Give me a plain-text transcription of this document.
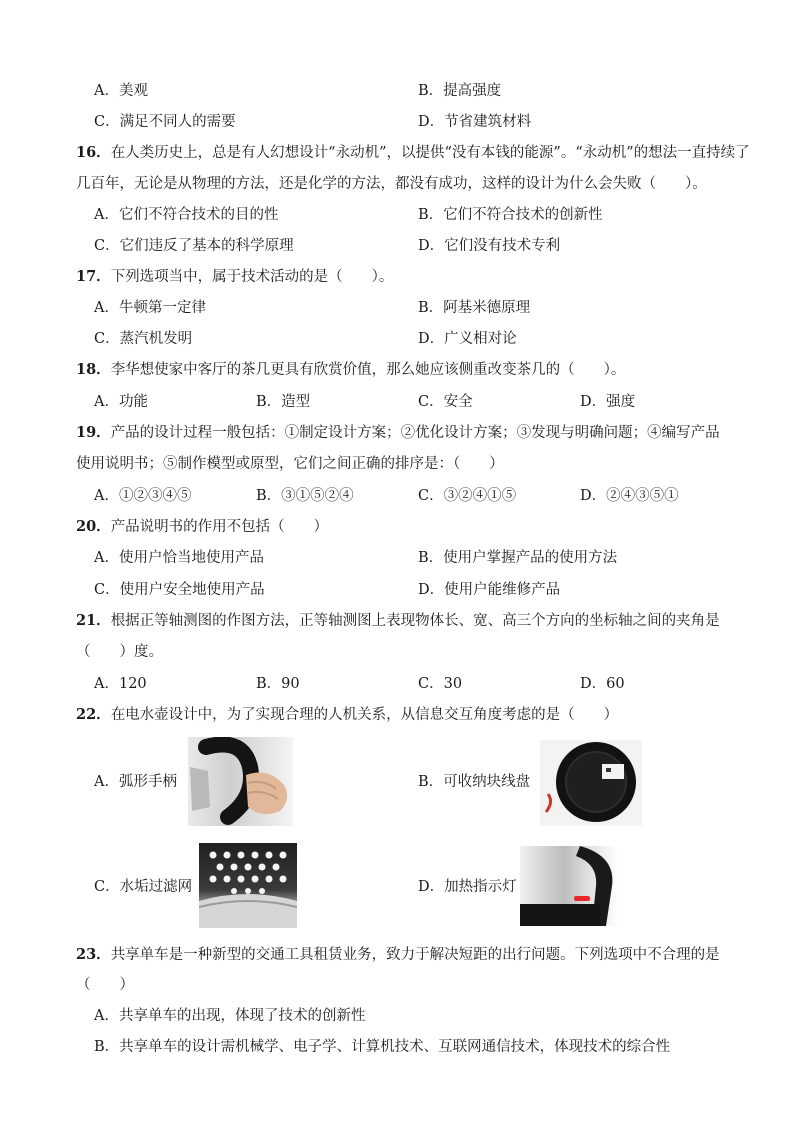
A．美观	B．提高强度
C．满足不同人的需要	D．节省建筑材料
16．在人类历史上，总是有人幻想设计“永动机”，以提供“没有本钱的能源”。“永动机”的想法一直持续了
几百年，无论是从物理的方法，还是化学的方法，都没有成功，这样的设计为什么会失败（　　）。
A．它们不符合技术的目的性	B．它们不符合技术的创新性
C．它们违反了基本的科学原理	D．它们没有技术专利
17．下列选项当中，属于技术活动的是（　　）。
A．牛顿第一定律	B．阿基米德原理
C．蒸汽机发明	D．广义相对论
18．李华想使家中客厅的茶几更具有欣赏价值，那么她应该侧重改变茶几的（　　）。
A．功能	B．造型	C．安全	D．强度
19．产品的设计过程一般包括：①制定设计方案；②优化设计方案；③发现与明确问题；④编写产品
使用说明书；⑤制作模型或原型，它们之间正确的排序是：（　　）
A．①②③④⑤	B．③①⑤②④	C．③②④①⑤	D．②④③⑤①
20．产品说明书的作用不包括（　　）
A．使用户恰当地使用产品	B．使用户掌握产品的使用方法
C．使用户安全地使用产品	D．使用户能维修产品
21．根据正等轴测图的作图方法，正等轴测图上表现物体长、宽、高三个方向的坐标轴之间的夹角是
（　　）度。
A．120	B．90	C．30	D．60
22．在电水壶设计中，为了实现合理的人机关系，从信息交互角度考虑的是（　　）
A．弧形手柄	B．可收纳块线盘
C．水垢过滤网	D．加热指示灯
23．共享单车是一种新型的交通工具租赁业务，致力于解决短距的出行问题。下列选项中不合理的是
（　　）
A．共享单车的出现，体现了技术的创新性
B．共享单车的设计需机械学、电子学、计算机技术、互联网通信技术，体现技术的综合性
